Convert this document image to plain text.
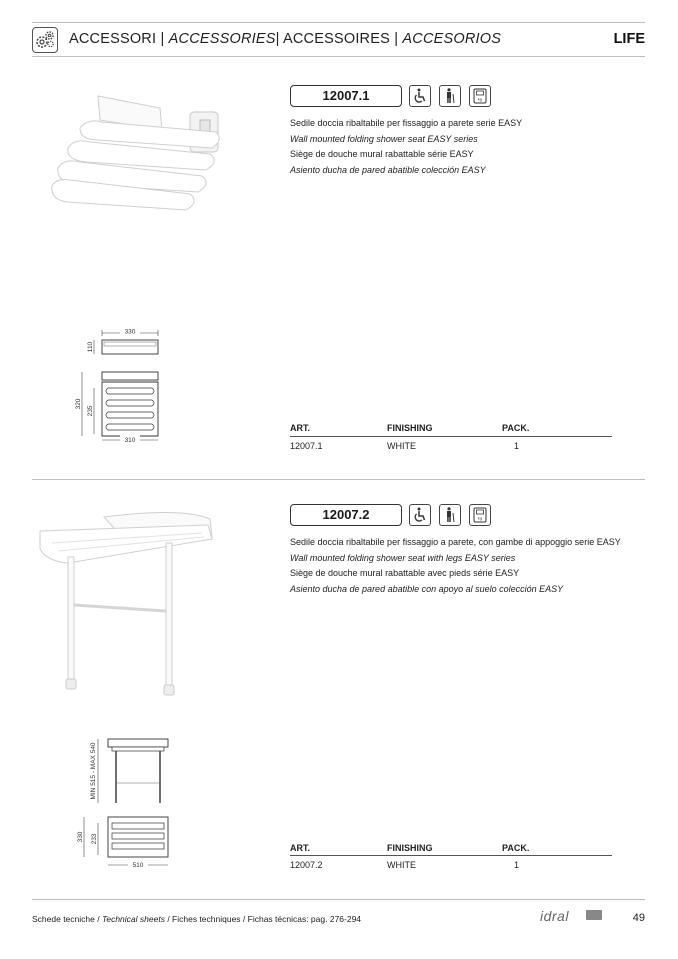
ACCESSORI | ACCESSORIES| ACCESSOIRES | ACCESORIOS	LIFE
12007.1	kg
Sedile doccia ribaltabile per fissaggio a parete serie EASY
Wall mounted folding shower seat EASY series
Siège de douche mural rabattable série EASY
Asiento ducha de pared abatible colección EASY
330
110
320
235
310
ART.	FINISHING	PACK.
12007.1	WHITE	1
12007.2	kg
Sedile doccia ribaltabile per fissaggio a parete, con gambe di appoggio serie EASY
Wall mounted folding shower seat with legs EASY series
Siège de douche mural rabattable avec pieds série EASY
Asiento ducha de pared abatible con apoyo al suelo colección EASY
MIN 515 - MAX 540
330 233
510
ART.	FINISHING	PACK.
12007.2	WHITE	1
Schede tecniche / Technical sheets / Fiches techniques / Fichas técnicas: pag. 276-294	idral	49
